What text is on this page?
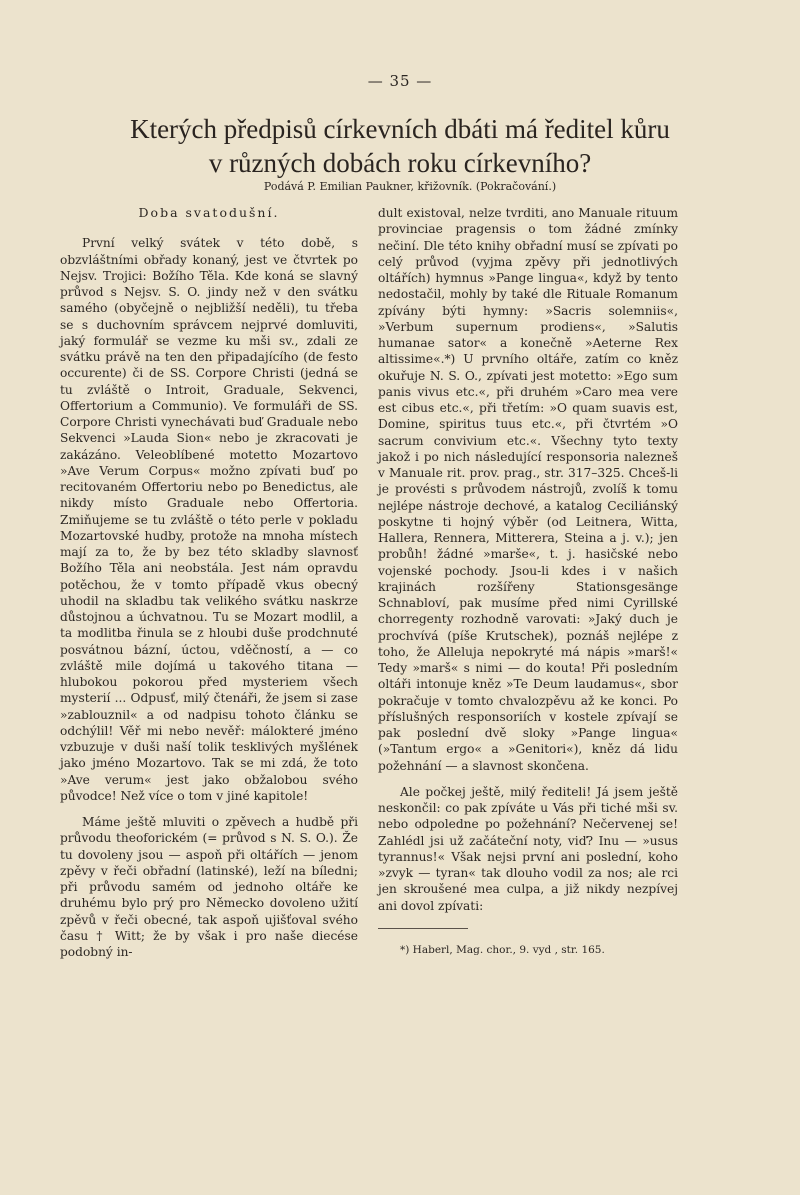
— 35 —
Kterých předpisů církevních dbáti má ředitel kůru
v různých dobách roku církevního?
Podává P. Emilian Paukner, křižovník. (Pokračování.)
Doba svatodušní.

První velký svátek v této době, s obzvláštními obřady konaný, jest ve čtvrtek po Nejsv. Trojici: Božího Těla. Kde koná se slavný průvod s Nejsv. S. O. jindy než v den svátku samého (obyčejně o nejbližší neděli), tu třeba se s duchovním správcem nejprvé domluviti, jaký formulář se vezme ku mši sv., zdali ze svátku právě na ten den připadajícího (de festo occurente) či de SS. Corpore Christi (jedná se tu zvláště o Introit, Graduale, Sekvenci, Offertorium a Communio). Ve formuláři de SS. Corpore Christi vynechávati buď Graduale nebo Sekvenci »Lauda Sion« nebo je zkracovati je zakázáno. Veleoblíbené motetto Mozartovo »Ave Verum Corpus« možno zpívati buď po recitovaném Offertoriu nebo po Benedictus, ale nikdy místo Graduale nebo Offertoria. Zmiňujeme se tu zvláště o této perle v pokladu Mozartovské hudby, protože na mnoha místech mají za to, že by bez této skladby slavnosť Božího Těla ani neobstála. Jest nám opravdu potěchou, že v tomto případě vkus obecný uhodil na skladbu tak velikého svátku naskrze důstojnou a úchvatnou. Tu se Mozart modlil, a ta modlitba řinula se z hloubi duše prodchnuté posvátnou bázní, úctou, vděčností, a — co zvláště mile dojímá u takového titana — hlubokou pokorou před mysteriem všech mysterií ... Odpusť, milý čtenáři, že jsem si zase »zablouznil« a od nadpisu tohoto článku se odchýlil! Věř mi nebo nevěř: málokteré jméno vzbuzuje v duši naší tolik tesklivých myšlének jako jméno Mozartovo. Tak se mi zdá, že toto »Ave verum« jest jako obžalobou svého původce! Než více o tom v jiné kapitole!

Máme ještě mluviti o zpěvech a hudbě při průvodu theoforickém (= průvod s N. S. O.). Že tu dovoleny jsou — aspoň při oltářích — jenom zpěvy v řeči obřadní (latinské), leží na bíledni; při průvodu samém od jednoho oltáře ke druhému bylo prý pro Německo dovoleno užití zpěvů v řeči obecné, tak aspoň ujišťoval svého času † Witt; že by však i pro naše diecése podobný in-

dult existoval, nelze tvrditi, ano Manuale rituum provinciae pragensis o tom žádné zmínky nečiní. Dle této knihy obřadní musí se zpívati po celý průvod (vyjma zpěvy při jednotlivých oltářích) hymnus »Pange lingua«, když by tento nedostačil, mohly by také dle Rituale Romanum zpívány býti hymny: »Sacris solemniis«, »Verbum supernum prodiens«, »Salutis humanae sator« a konečně »Aeterne Rex altissime«.*) U prvního oltáře, zatím co kněz okuřuje N. S. O., zpívati jest motetto: »Ego sum panis vivus etc.«, při druhém »Caro mea vere est cibus etc.«, při třetím: »O quam suavis est, Domine, spiritus tuus etc.«, při čtvrtém »O sacrum convivium etc.«. Všechny tyto texty jakož i po nich následující responsoria nalezneš v Manuale rit. prov. prag., str. 317–325. Chceš-li je provésti s průvodem nástrojů, zvolíš k tomu nejlépe nástroje dechové, a katalog Ceciliánský poskytne ti hojný výběr (od Leitnera, Witta, Hallera, Rennera, Mitterera, Steina a j. v.); jen probůh! žádné »marše«, t. j. hasičské nebo vojenské pochody. Jsou-li kdes i v našich krajinách rozšířeny Stationsgesänge Schnabloví, pak musíme před nimi Cyrillské chorregenty rozhodně varovati: »Jaký duch je prochvívá (píše Krutschek), poznáš nejlépe z toho, že Alleluja nepokryté má nápis »marš!« Tedy »marš« s nimi — do kouta! Při posledním oltáři intonuje kněz »Te Deum laudamus«, sbor pokračuje v tomto chvalozpěvu až ke konci. Po příslušných responsoriích v kostele zpívají se pak poslední dvě sloky »Pange lingua« (»Tantum ergo« a »Genitori«), kněz dá lidu požehnání — a slavnost skončena.

Ale počkej ještě, milý řediteli! Já jsem ještě neskončil: co pak zpíváte u Vás při tiché mši sv. nebo odpoledne po požehnání? Nečervenej se! Zahlédl jsi už začáteční noty, viď? Inu — »usus tyrannus!« Však nejsi první ani poslední, koho »zvyk — tyran« tak dlouho vodil za nos; ale rci jen skroušené mea culpa, a již nikdy nezpívej ani dovol zpívati:

*) Haberl, Mag. chor., 9. vyd , str. 165.
